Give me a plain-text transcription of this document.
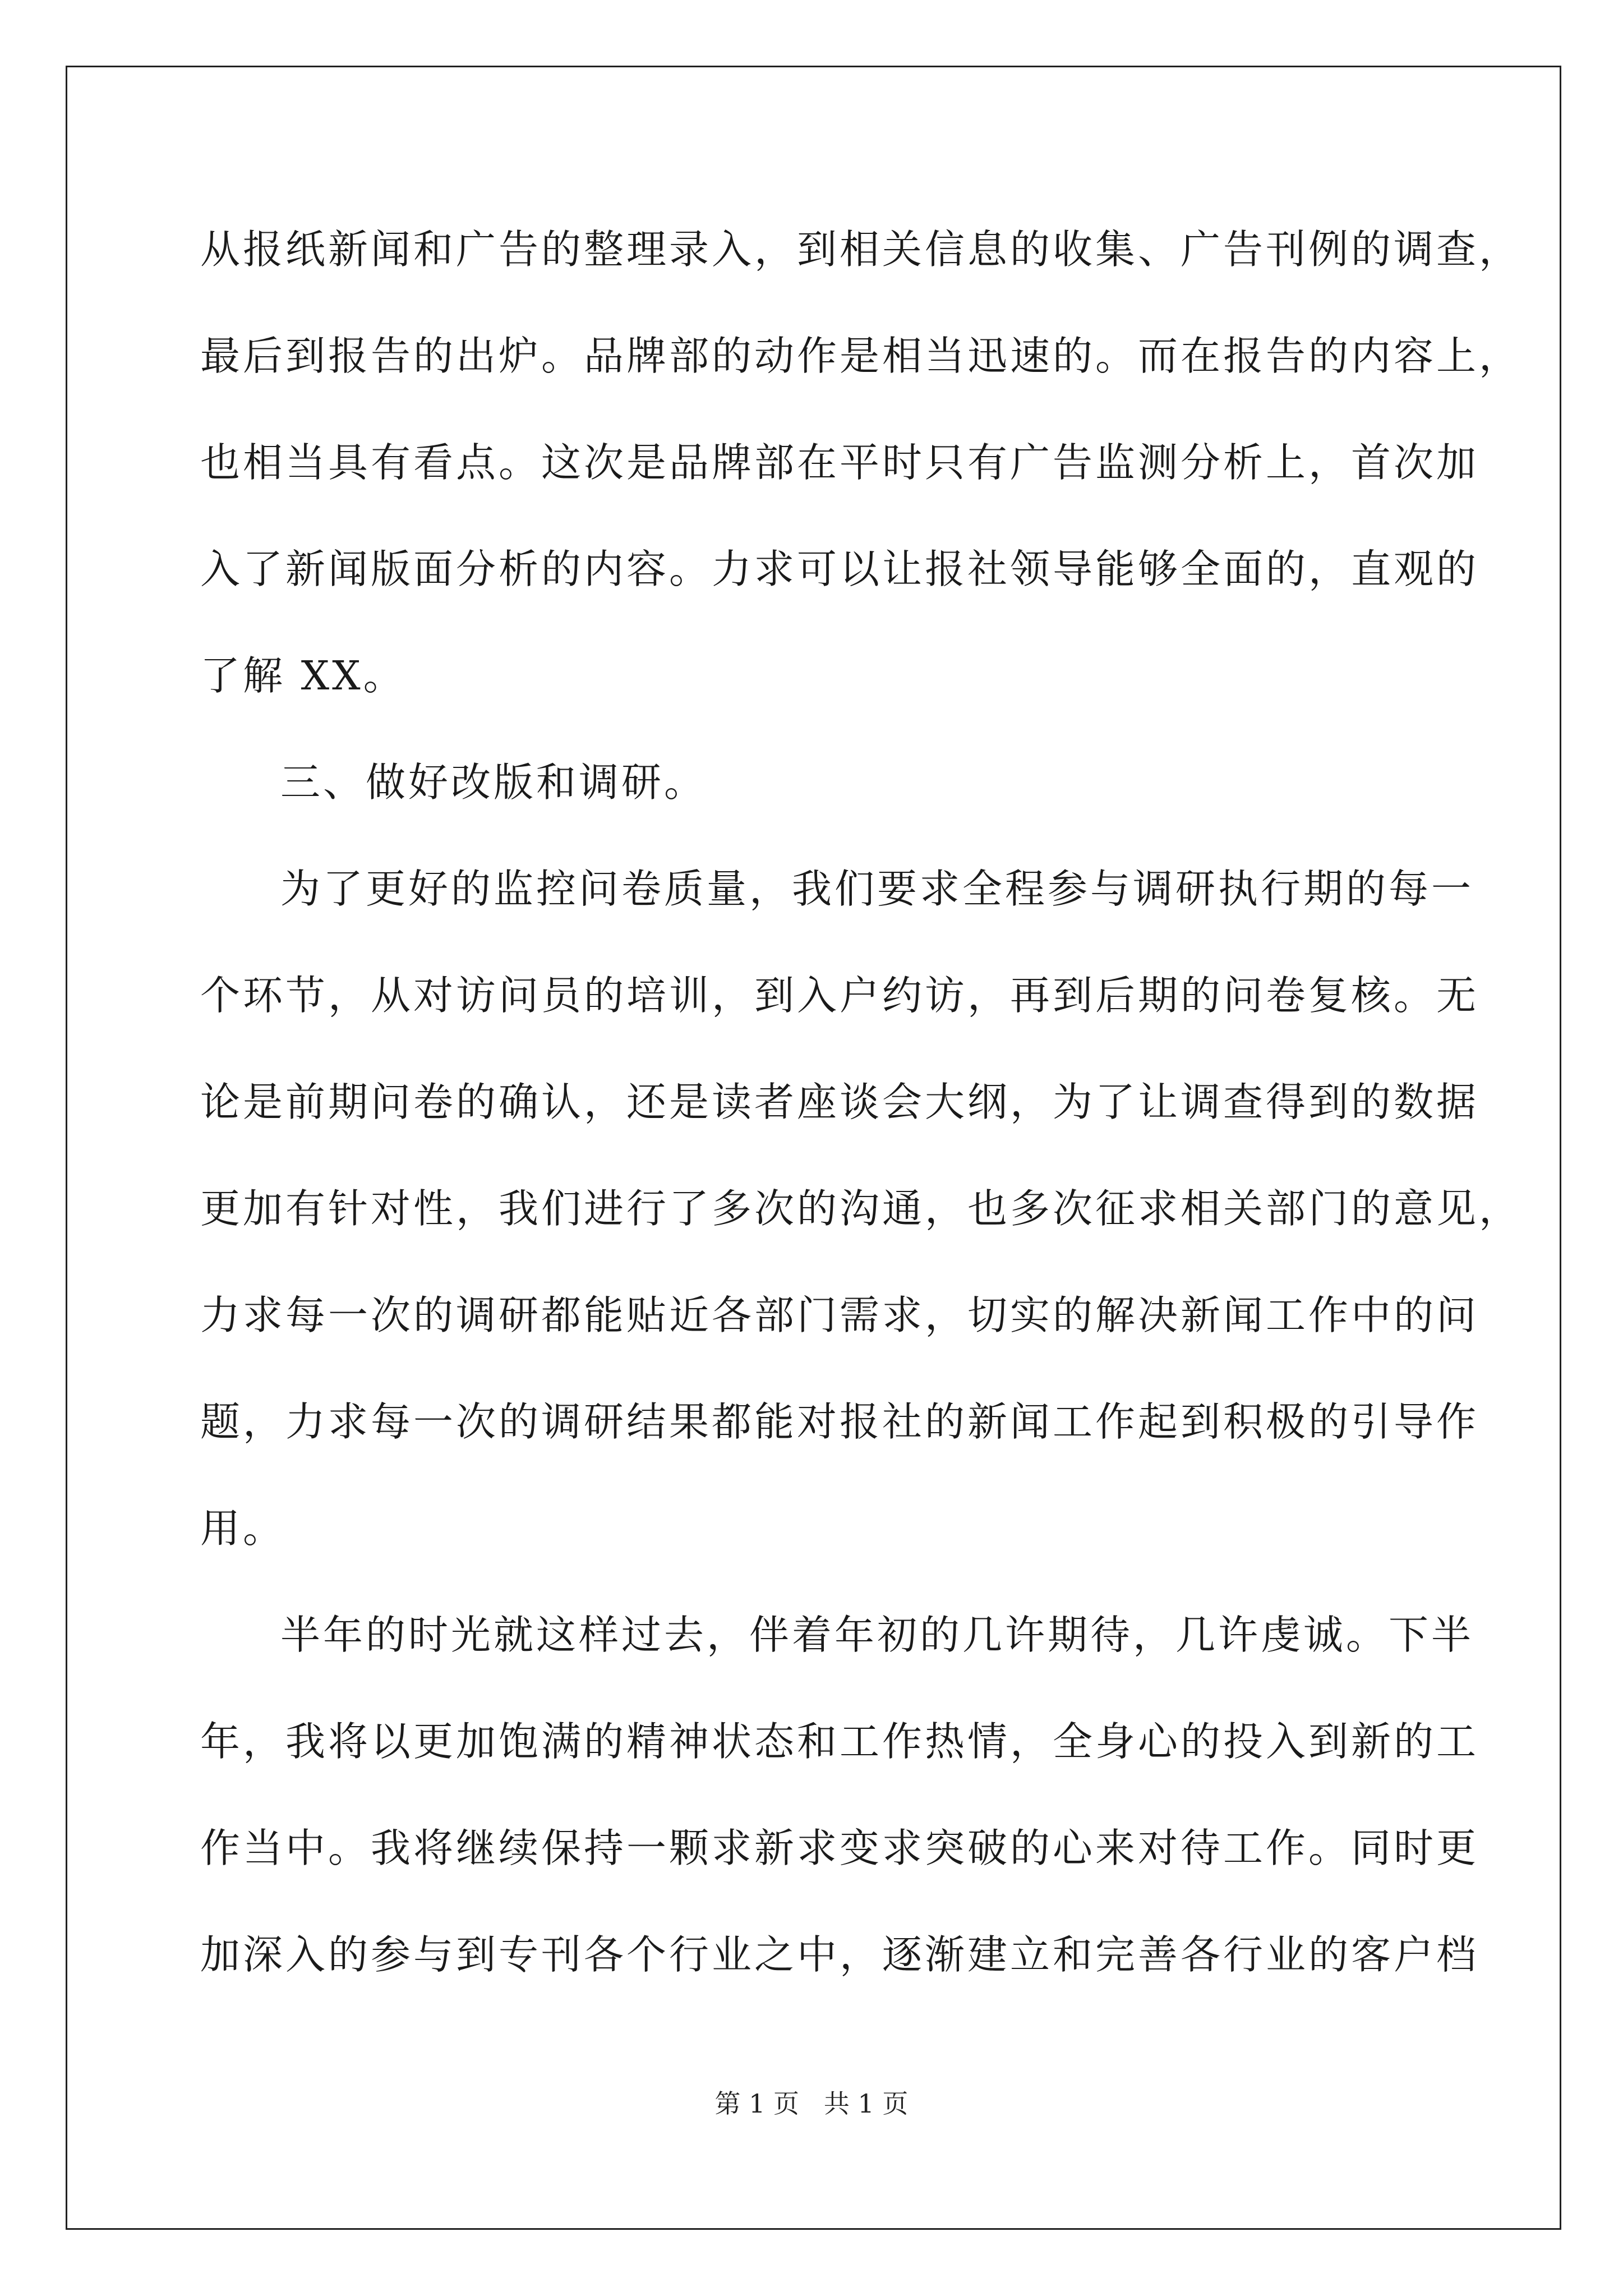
从报纸新闻和广告的整理录入，到相关信息的收集、广告刊例的调查，
最后到报告的出炉。品牌部的动作是相当迅速的。而在报告的内容上，
也相当具有看点。这次是品牌部在平时只有广告监测分析上，首次加
入了新闻版面分析的内容。力求可以让报社领导能够全面的，直观的
了解 XX。
三、做好改版和调研。
为了更好的监控问卷质量，我们要求全程参与调研执行期的每一
个环节，从对访问员的培训，到入户约访，再到后期的问卷复核。无
论是前期问卷的确认，还是读者座谈会大纲，为了让调查得到的数据
更加有针对性，我们进行了多次的沟通，也多次征求相关部门的意见，
力求每一次的调研都能贴近各部门需求，切实的解决新闻工作中的问
题，力求每一次的调研结果都能对报社的新闻工作起到积极的引导作
用。
半年的时光就这样过去，伴着年初的几许期待，几许虔诚。下半
年，我将以更加饱满的精神状态和工作热情，全身心的投入到新的工
作当中。我将继续保持一颗求新求变求突破的心来对待工作。同时更
加深入的参与到专刊各个行业之中，逐渐建立和完善各行业的客户档
第 1 页   共 1 页
